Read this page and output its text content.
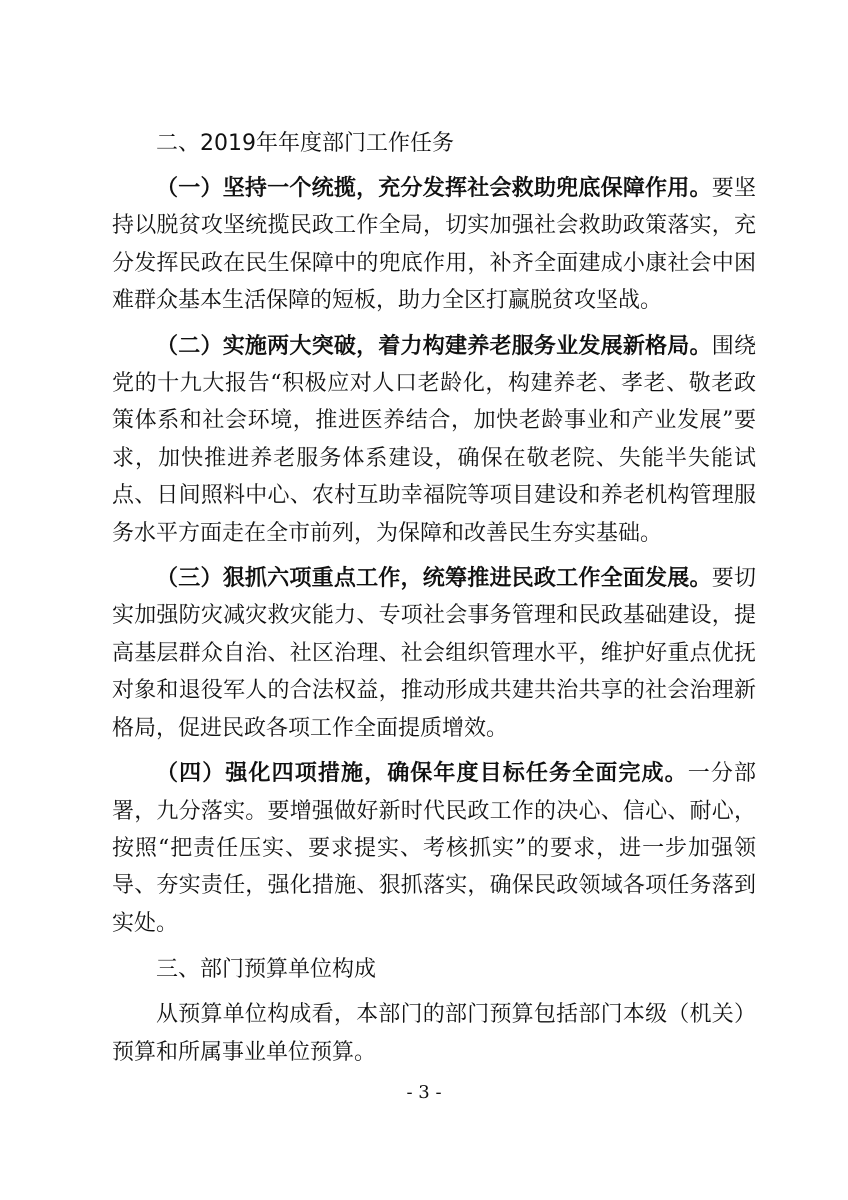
二、2019年年度部门工作任务

（一）坚持一个统揽，充分发挥社会救助兜底保障作用。要坚持以脱贫攻坚统揽民政工作全局，切实加强社会救助政策落实，充分发挥民政在民生保障中的兜底作用，补齐全面建成小康社会中困难群众基本生活保障的短板，助力全区打赢脱贫攻坚战。

（二）实施两大突破，着力构建养老服务业发展新格局。围绕党的十九大报告“积极应对人口老龄化，构建养老、孝老、敬老政策体系和社会环境，推进医养结合，加快老龄事业和产业发展”要求，加快推进养老服务体系建设，确保在敬老院、失能半失能试点、日间照料中心、农村互助幸福院等项目建设和养老机构管理服务水平方面走在全市前列，为保障和改善民生夯实基础。

（三）狠抓六项重点工作，统筹推进民政工作全面发展。要切实加强防灾减灾救灾能力、专项社会事务管理和民政基础建设，提高基层群众自治、社区治理、社会组织管理水平，维护好重点优抚对象和退役军人的合法权益，推动形成共建共治共享的社会治理新格局，促进民政各项工作全面提质增效。

（四）强化四项措施，确保年度目标任务全面完成。一分部署，九分落实。要增强做好新时代民政工作的决心、信心、耐心，按照“把责任压实、要求提实、考核抓实”的要求，进一步加强领导、夯实责任，强化措施、狠抓落实，确保民政领域各项任务落到实处。

三、部门预算单位构成

从预算单位构成看，本部门的部门预算包括部门本级（机关）预算和所属事业单位预算。

- 3 -
